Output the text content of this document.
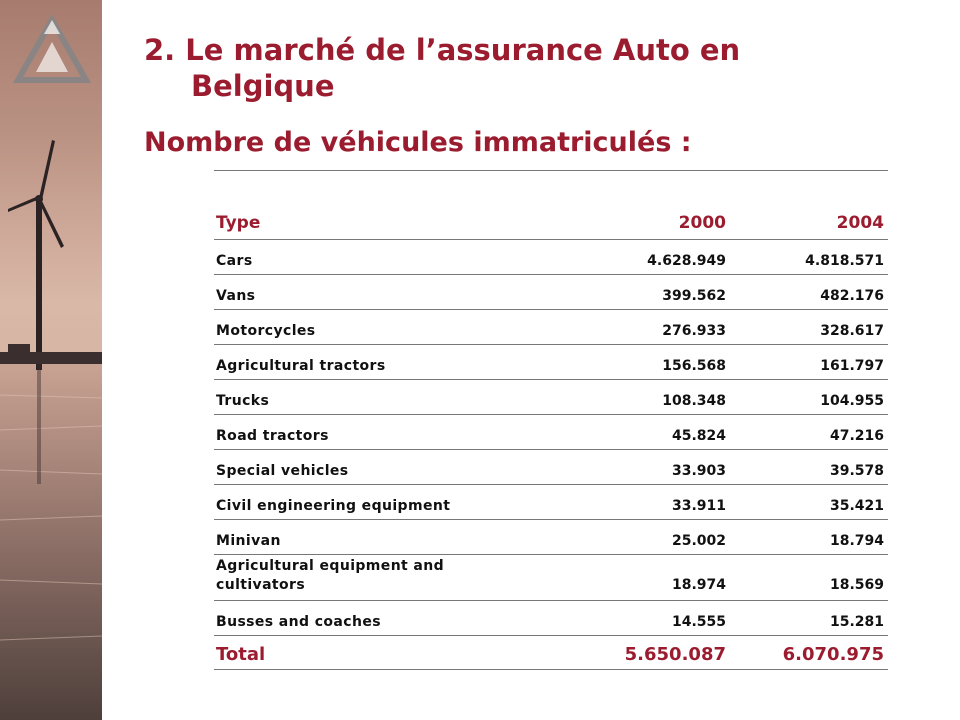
2. Le marché de l’assurance Auto en
Belgique
Nombre de véhicules immatriculés :
Type	2000	2004
Cars	4.628.949	4.818.571
Vans	399.562	482.176
Motorcycles	276.933	328.617
Agricultural tractors	156.568	161.797
Trucks	108.348	104.955
Road tractors	45.824	47.216
Special vehicles	33.903	39.578
Civil engineering equipment	33.911	35.421
Minivan	25.002	18.794
Agricultural equipment and cultivators	18.974	18.569
Busses and coaches	14.555	15.281
Total	5.650.087	6.070.975
